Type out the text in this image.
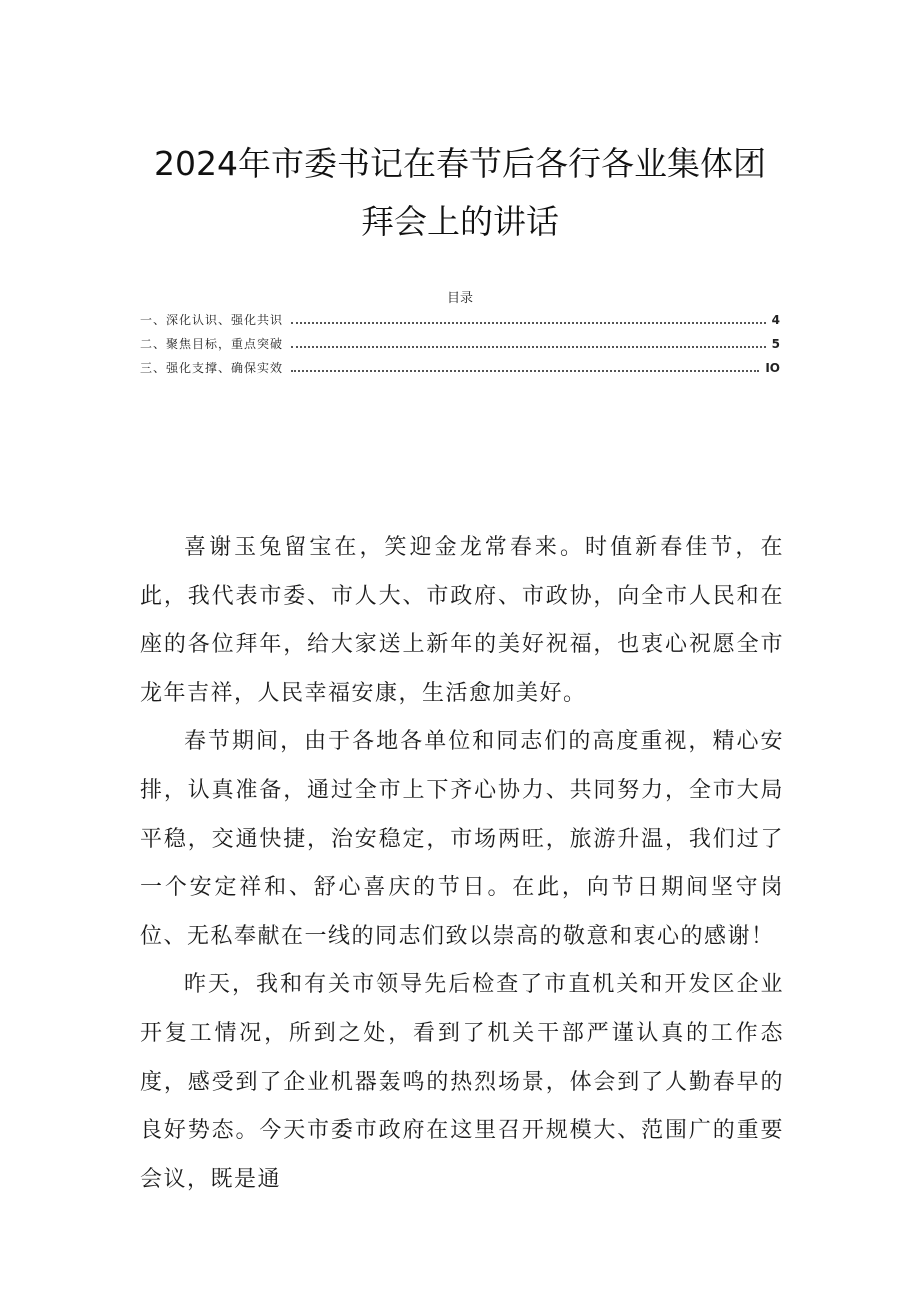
2024年市委书记在春节后各行各业集体团
拜会上的讲话
目录
一、深化认识、强化共识	4
二、聚焦目标，重点突破	5
三、强化支撑、确保实效	IO

喜谢玉兔留宝在，笑迎金龙常春来。时值新春佳节，在此，我代表市委、市人大、市政府、市政协，向全市人民和在座的各位拜年，给大家送上新年的美好祝福，也衷心祝愿全市龙年吉祥，人民幸福安康，生活愈加美好。

春节期间，由于各地各单位和同志们的高度重视，精心安排，认真准备，通过全市上下齐心协力、共同努力，全市大局平稳，交通快捷，治安稳定，市场两旺，旅游升温，我们过了一个安定祥和、舒心喜庆的节日。在此，向节日期间坚守岗位、无私奉献在一线的同志们致以崇高的敬意和衷心的感谢！

昨天，我和有关市领导先后检查了市直机关和开发区企业开复工情况，所到之处，看到了机关干部严谨认真的工作态度，感受到了企业机器轰鸣的热烈场景，体会到了人勤春早的良好势态。今天市委市政府在这里召开规模大、范围广的重要会议，既是通
